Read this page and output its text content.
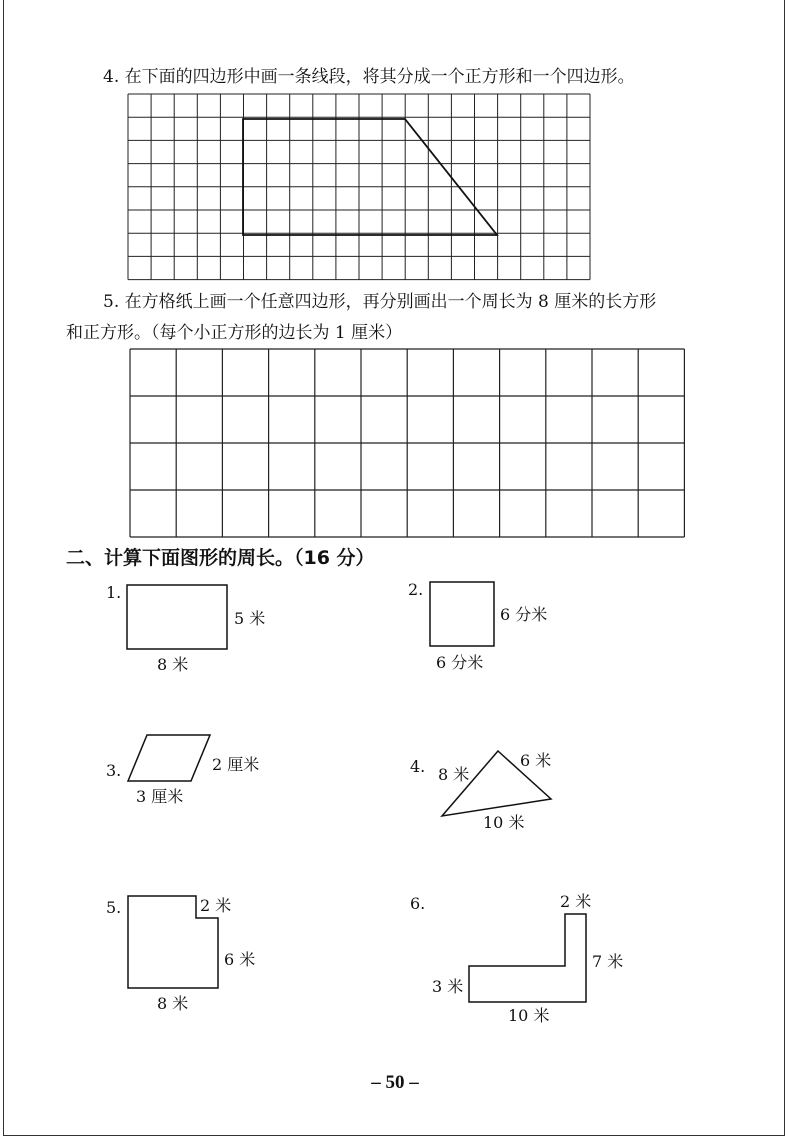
4. 在下面的四边形中画一条线段，将其分成一个正方形和一个四边形。
5. 在方格纸上画一个任意四边形，再分别画出一个周长为 8 厘米的长方形
和正方形。（每个小正方形的边长为 1 厘米）
二、计算下面图形的周长。（16 分）
1.
5 米
8 米
2.
6 分米
6 分米
3.	2 厘米
3 厘米
4. 8 米
6 米
10 米
5.	2 米
6 米
8 米
6.	2 米
7 米
3 米
10 米
– 50 –
